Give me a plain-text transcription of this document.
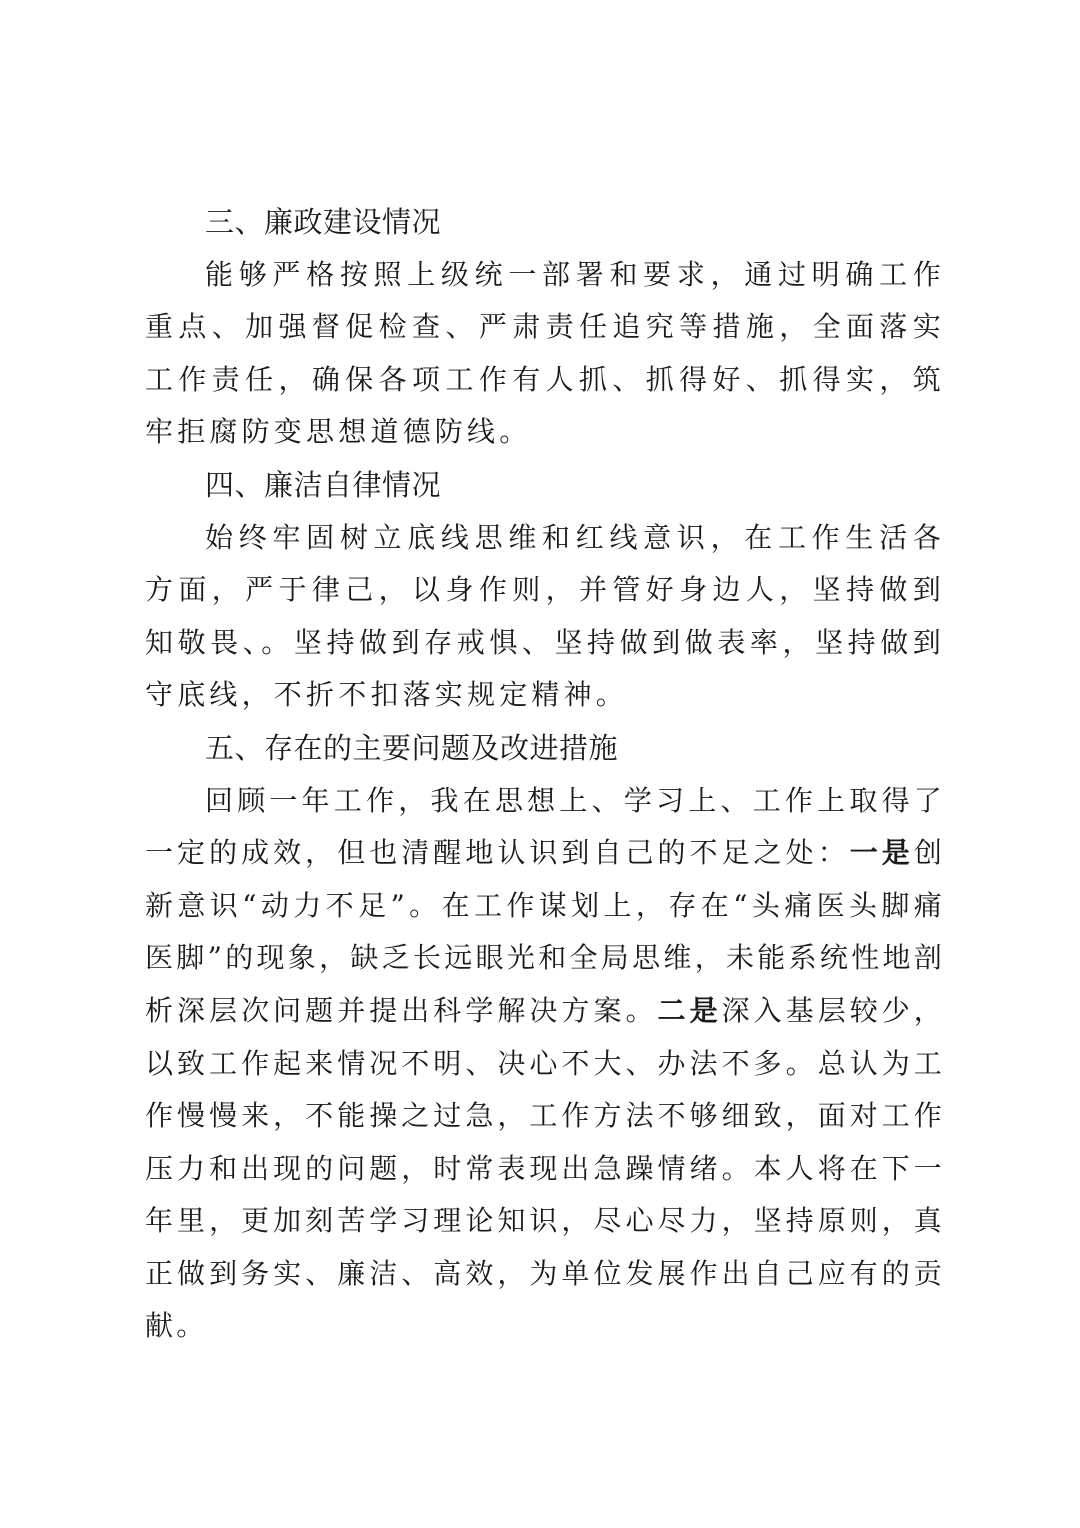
三、廉政建设情况

能够严格按照上级统一部署和要求，通过明确工作重点、加强督促检查、严肃责任追究等措施，全面落实工作责任，确保各项工作有人抓、抓得好、抓得实，筑牢拒腐防变思想道德防线。

四、廉洁自律情况

始终牢固树立底线思维和红线意识，在工作生活各方面，严于律己，以身作则，并管好身边人，坚持做到知敬畏、。坚持做到存戒惧、坚持做到做表率，坚持做到守底线，不折不扣落实规定精神。

五、存在的主要问题及改进措施

回顾一年工作，我在思想上、学习上、工作上取得了一定的成效，但也清醒地认识到自己的不足之处：一是创新意识“动力不足”。在工作谋划上，存在“头痛医头脚痛医脚”的现象，缺乏长远眼光和全局思维，未能系统性地剖析深层次问题并提出科学解决方案。二是深入基层较少，以致工作起来情况不明、决心不大、办法不多。总认为工作慢慢来，不能操之过急，工作方法不够细致，面对工作压力和出现的问题，时常表现出急躁情绪。本人将在下一年里，更加刻苦学习理论知识，尽心尽力，坚持原则，真正做到务实、廉洁、高效，为单位发展作出自己应有的贡献。
